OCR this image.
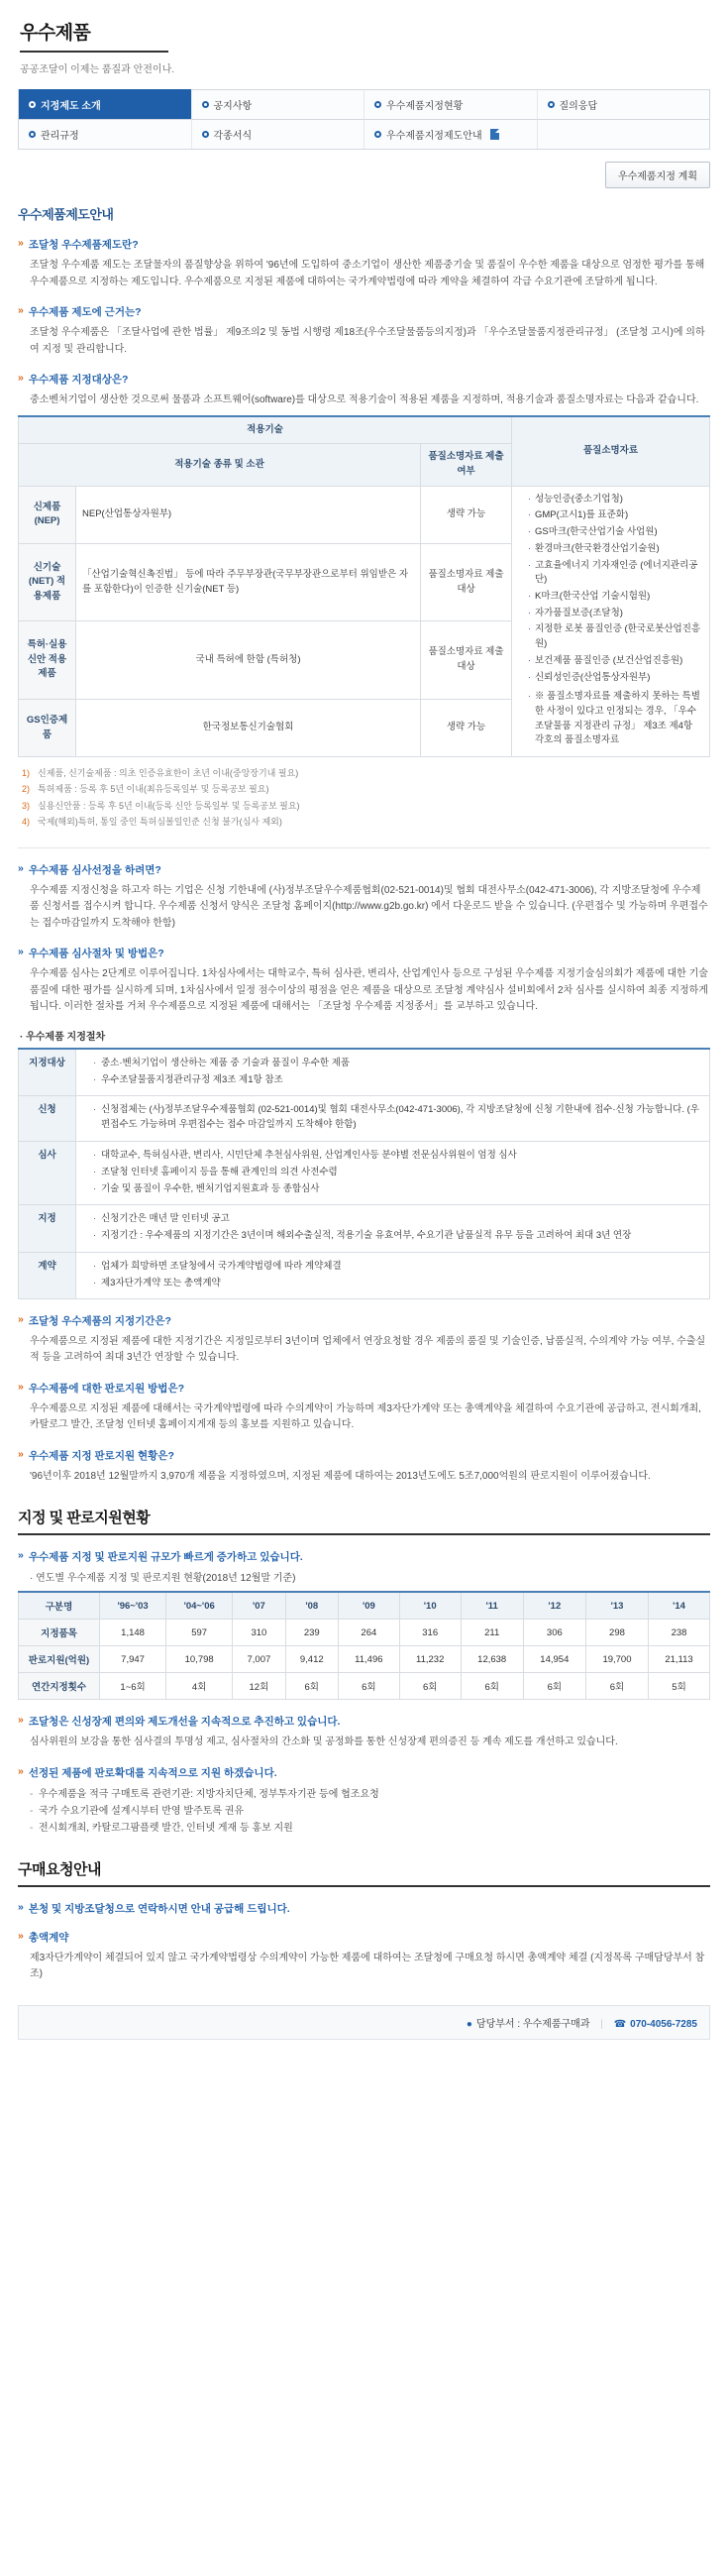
우수제품
공공조달이 이제는 품질과 안전이나.
지정제도 소개	공지사항	우수제품지정현황	질의응답
관리규정	각종서식	우수제품지정제도안내
우수제품지정 계획
우수제품제도안내
» 조달청 우수제품제도란?

조달청 우수제품 제도는 조달물자의 품질향상을 위하여 '96년에 도입하여 중소기업이 생산한 제품중기술 및 품질이 우수한 제품을 대상으로 엄정한 평가를 통해 우수제품으로 지정하는 제도입니다. 우수제품으로 지정된 제품에 대하여는 국가계약법령에 따라 계약을 체결하여 각급 수요기관에 조달하게 됩니다.

» 우수제품 제도에 근거는?

조달청 우수제품은 「조달사업에 관한 법률」 제9조의2 및 동법 시행령 제18조(우수조달물품등의지정)과 「우수조달물품지정관리규정」 (조달청 고시)에 의하여 지정 및 관리합니다.

» 우수제품 지정대상은?

중소벤처기업이 생산한 것으로써 물품과 소프트웨어(software)를 대상으로 적용기술이 적용된 제품을 지정하며, 적용기술과 품질소명자료는 다음과 같습니다.

적용기술			품질소명자료
적용기술 종류 및 소관		품질소명자료 제출여부	
신제품 (NEP)	NEP(산업통상자원부)	생략 가능	
· 성능인증(중소기업청)
· GMP(고시1)를 표준화)
· GS마크(한국산업기술 사업원)
· 환경마크(한국환경산업기술원)
· 고효율에너지 기자재인증 (에너지관리공단)
· K마크(한국산업 기술시험원)
· 자가품질보증(조달청)
· 지정한 로봇 품질인증 (한국로봇산업진흥원)
· 보건제품 품질인증 (보건산업진흥원)
· 신뢰성인증(산업통상자원부)
· ※ 품질소명자료를 제출하지 못하는 특별한 사정이 있다고 인정되는 경우, 「우수조달물품 지정관리 규정」 제3조 제4항 각호의 품질소명자료

신기술 (NET) 적용제품	「산업기술혁신촉진법」 등에 따라 주무부장관(국무부장관으로부터 위임받은 자를 포함한다)이 인증한 신기술(NET 등)	품질소명자료 제출대상	
특허·실용신안 적용제품	국내 특허에 한함 (특허청)	품질소명자료 제출대상	
GS인증제품	한국정보통신기술협회	생략 가능	
1) 신제품, 신기술제품 : 의초 인증유효한이 초년 이내(중앙장기내 필요)
2) 특허제품 : 등록 후 5년 이내(최유등록일부 및 등록공보 필요)
3) 실용신안품 : 등록 후 5년 이내(등록 신안 등록일부 및 등록공보 필요)
4) 국제(해외)특허, 통일 중인 특허심볼일인준 신청 불가(심사 제외)
» 우수제품 심사선정을 하려면?

우수제품 지정신청을 하고자 하는 기업은 신청 기한내에 (사)정부조달우수제품협회(02-521-0014)및 협회 대전사무소(042-471-3006), 각 지방조달청에 우수제품 신청서를 접수시켜 합니다. 우수제품 신청서 양식은 조달청 홈페이지(http://www.g2b.go.kr) 에서 다운로드 받을 수 있습니다. (우편접수 및 가능하며 우편접수는 접수마감일까지 도착해야 한함)

» 우수제품 심사절차 및 방법은?

우수제품 심사는 2단계로 이루어집니다. 1차심사에서는 대학교수, 특허 심사관, 변리사, 산업계인사 등으로 구성된 우수제품 지정기술심의회가 제품에 대한 기술품질에 대한 평가를 실시하게 되며, 1차심사에서 일정 점수이상의 평점을 얻은 제품을 대상으로 조달청 계약심사 설비회에서 2차 심사를 실시하여 최종 지정하게 됩니다. 이러한 절차를 거쳐 우수제품으로 지정된 제품에 대해서는 「조달청 우수제품 지정종서」를 교부하고 있습니다.

· 우수제품 지정절차
지정대상	
·중소·벤처기업이 생산하는 제품 중 기술과 품질이 우수한 제품
· 우수조달물품지정관리규정 제3조 제1항 참조

신청	
·신청접체는 (사)정부조달우수제품협회 (02-521-0014)및 협회 대전사무소(042-471-3006), 각 지방조달청에 신청 기한내에 접수·신청 가능합니다. (우편접수도 가능하며 우편접수는 접수 마감일까지 도착해야 한함)

심사	
·대학교수, 특허심사관, 변리사, 시민단체 추천심사위원, 산업계인사등 분야별 전문심사위원이 엄정 심사
· 조달청 인터넷 홈페이지 등을 통해 관계인의 의견 사전수렴
· 기술 및 품질이 우수한, 벤처기업지원효과 등 종합심사

지정	
·신청기간은 매년 말 인터넷 공고
· 지정기간 : 우수제품의 지정기간은 3년이며 해외수출실적, 적용기술 유효여부, 수요기관 납품실적 유무 등을 고려하여 최대 3년 연장

계약	
·업체가 희망하면 조달청에서 국가계약법령에 따라 계약체결
· 제3자단가계약 또는 총액계약
» 조달청 우수제품의 지정기간은?

우수제품으로 지정된 제품에 대한 지정기간은 지정일로부터 3년이며 업체에서 연장요청할 경우 제품의 품질 및 기술인증, 납품실적, 수의계약 가능 여부, 수출실적 등을 고려하여 최대 3년간 연장할 수 있습니다.

» 우수제품에 대한 판로지원 방법은?

우수제품으로 지정된 제품에 대해서는 국가계약법령에 따라 수의계약이 가능하며 제3자단가계약 또는 총액계약을 체결하여 수요기관에 공급하고, 전시회개최, 카탈로그 발간, 조달청 인터넷 홈페이지게재 등의 홍보를 지원하고 있습니다.

» 우수제품 지정 판로지원 현황은?

'96년이후 2018년 12월말까지 3,970개 제품을 지정하였으며, 지정된 제품에 대하여는 2013년도에도 5조7,000억원의 판로지원이 이루어졌습니다.

지정 및 판로지원현황
» 우수제품 지정 및 판로지원 규모가 빠르게 증가하고 있습니다.
· 연도별 우수제품 지정 및 판로지원 현황(2018년 12월말 기준)
구분명	'96~'03	'04~'06	'07	'08	'09	'10	'11	'12	'13	'14
지정품목	1,148	597	310	239	264	316	211	306	298	238
판로지원(억원)	7,947	10,798	7,007	9,412	11,496	11,232	12,638	14,954	19,700	21,113
연간지정횟수	1~6회	4회	12회	6회	6회	6회	6회	6회	6회	5회
» 조달청은 신성장제 편의와 제도개선을 지속적으로 추진하고 있습니다.

심사위원의 보강을 통한 심사결의 투명성 제고, 심사절차의 간소화 및 공정화를 통한 신성장제 편의증진 등 계속 제도를 개선하고 있습니다.

» 선정된 제품에 판로확대를 지속적으로 지원 하겠습니다.
- 우수제품을 적극 구매토록 관련기관: 지방자치단체, 정부투자기관 등에 협조요청
- 국가 수요기관에 설계시부터 반영 발주토록 권유
- 전시회개최, 카탈로그팜플렛 발간, 인터넷 게재 등 홍보 지원
구매요청안내
» 본청 및 지방조달청으로 연락하시면 안내 공급해 드립니다.
» 총액계약

제3자단가계약이 체결되어 있지 않고 국가계약법령상 수의계약이 가능한 제품에 대하여는 조달청에 구매요청 하시면 총액계약 체결 (지정목록 구매담당부서 참조)

● 담당부서 : 우수제품구매과 | ☎ 070-4056-7285
